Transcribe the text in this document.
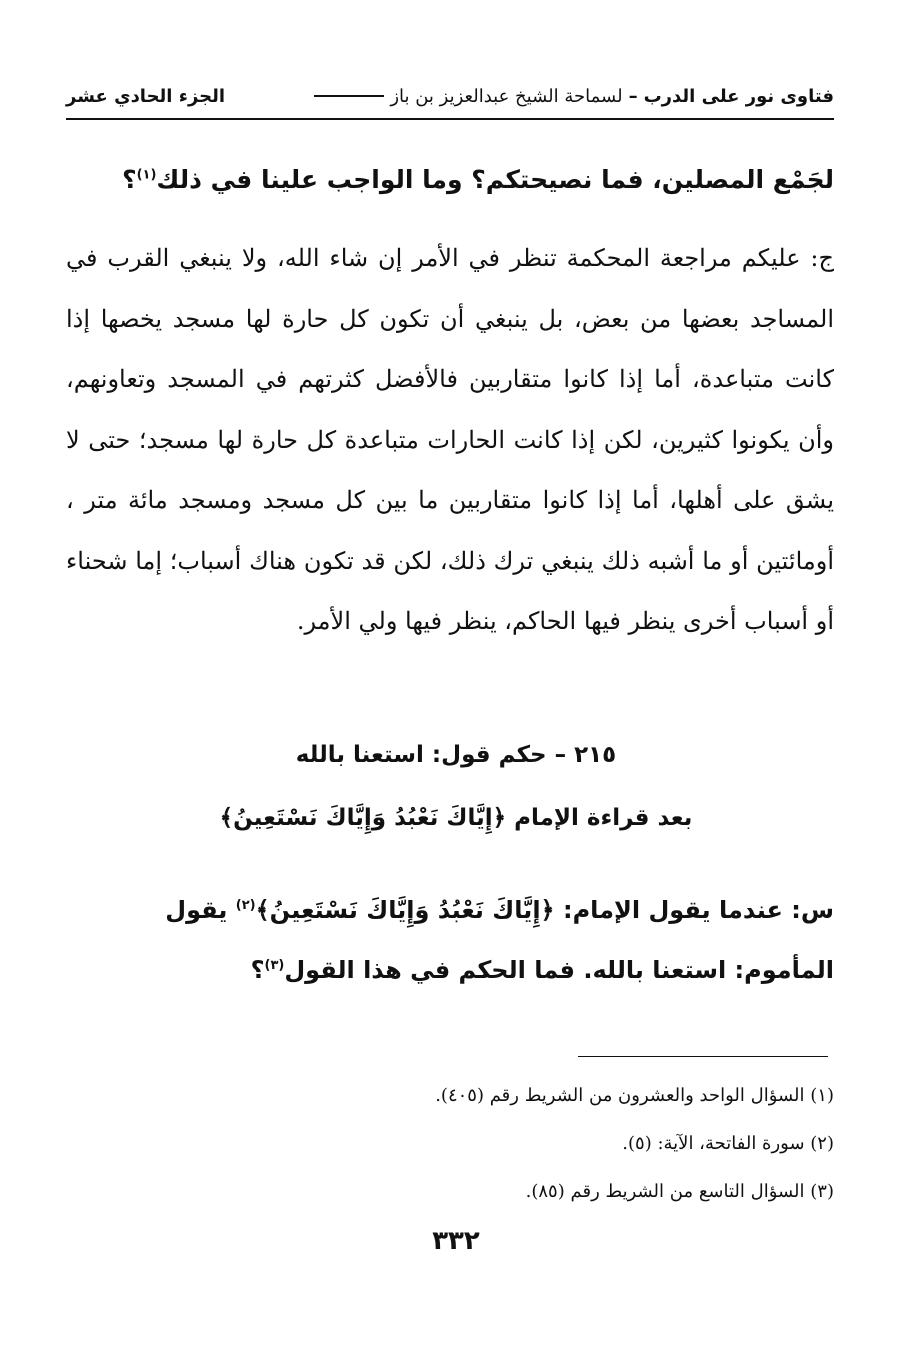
فتاوى نور على الدرب
–
لسماحة الشيخ عبدالعزيز بن باز
الجزء الحادي عشر
لجَمْع المصلين، فما نصيحتكم؟ وما الواجب علينا في ذلك$^{(١)}$؟
ج: عليكم مراجعة المحكمة تنظر في الأمر إن شاء الله، ولا ينبغي القرب في المساجد بعضها من بعض، بل ينبغي أن تكون كل حارة لها مسجد يخصها إذا كانت متباعدة، أما إذا كانوا متقاربين فالأفضل كثرتهم في المسجد وتعاونهم، وأن يكونوا كثيرين، لكن إذا كانت الحارات متباعدة كل حارة لها مسجد؛ حتى لا يشق على أهلها، أما إذا كانوا متقاربين ما بين كل مسجد ومسجد مائة متر ، أومائتين أو ما أشبه ذلك ينبغي ترك ذلك، لكن قد تكون هناك أسباب؛ إما شحناء أو أسباب أخرى ينظر فيها الحاكم، ينظر فيها ولي الأمر.
٢١٥ – حكم قول: استعنا بالله
بعد قراءة الإمام ﴿إِيَّاكَ نَعْبُدُ وَإِيَّاكَ نَسْتَعِينُ﴾
س: عندما يقول الإمام: ﴿إِيَّاكَ نَعْبُدُ وَإِيَّاكَ نَسْتَعِينُ﴾$^{(٢)}$ يقول المأموم: استعنا بالله. فما الحكم في هذا القول$^{(٣)}$؟
(١) السؤال الواحد والعشرون من الشريط رقم (٤٠٥).
(٢) سورة الفاتحة، الآية: (٥).
(٣) السؤال التاسع من الشريط رقم (٨٥).
٣٣٢
